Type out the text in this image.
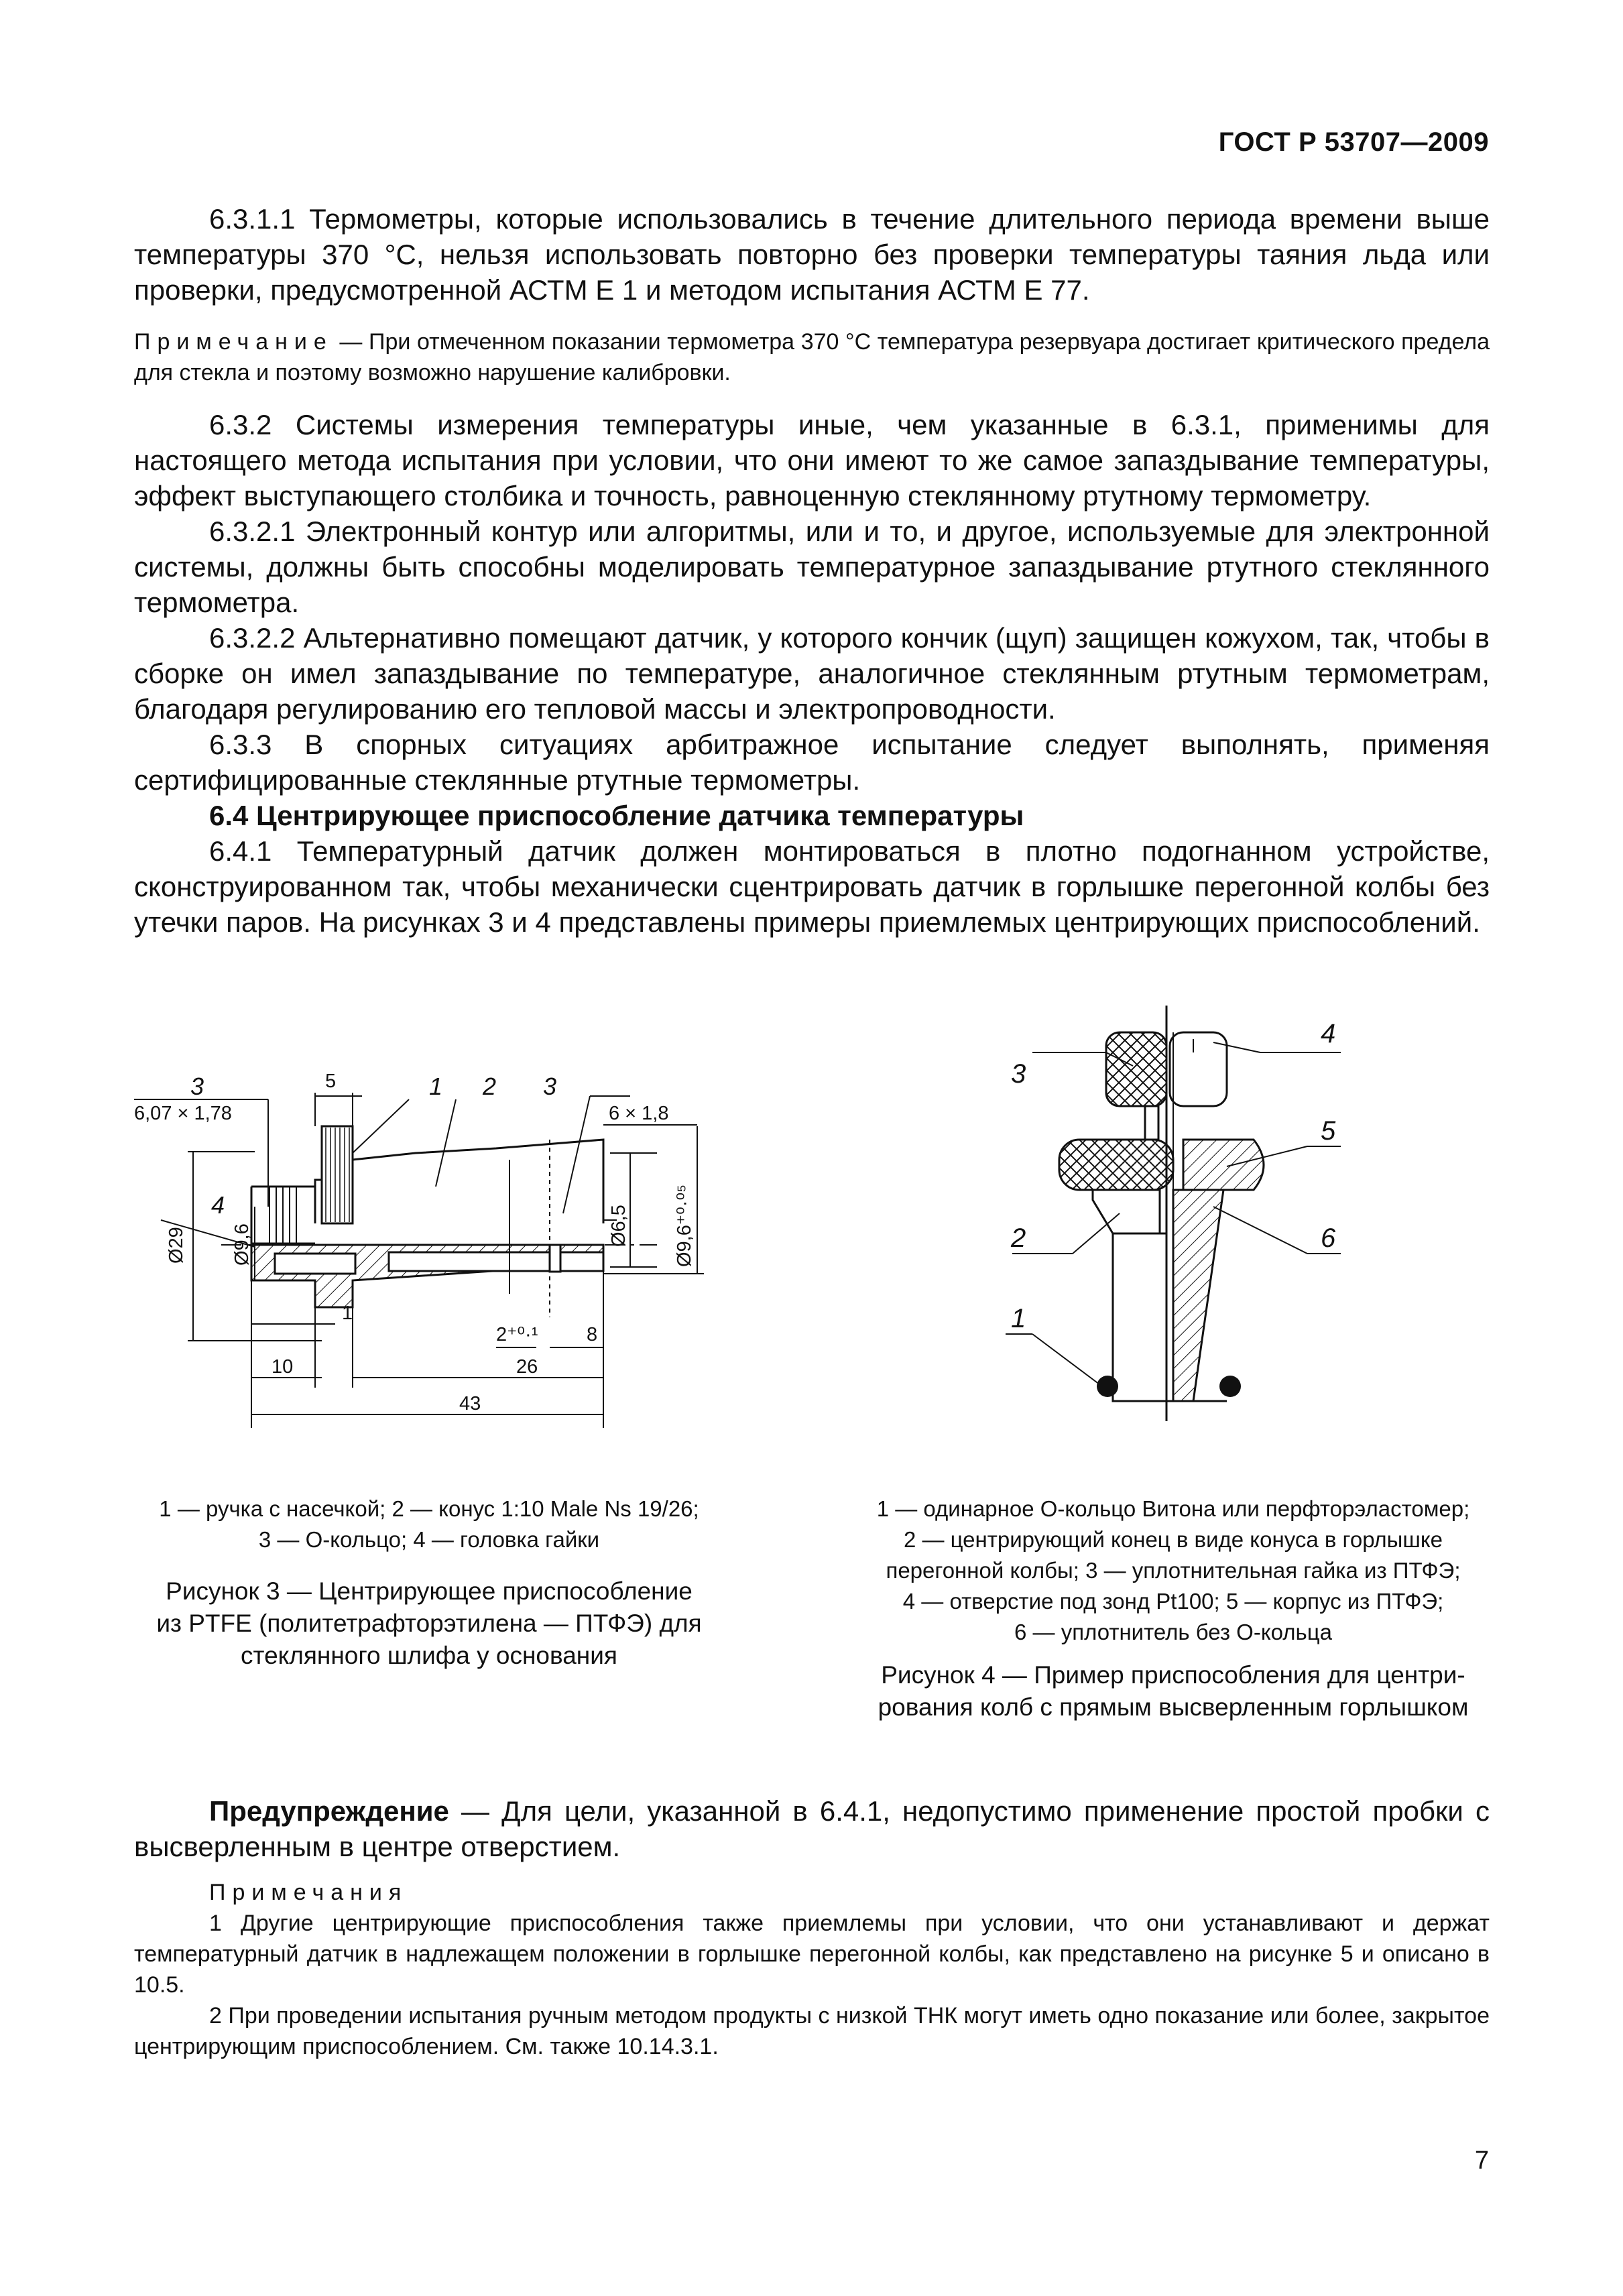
ГОСТ Р 53707—2009

6.3.1.1 Термометры, которые использовались в течение длительного периода времени выше температуры 370 °С, нельзя использовать повторно без проверки температуры таяния льда или проверки, предусмотренной АСТМ Е 1 и методом испытания АСТМ Е 77.

Примечание — При отмеченном показании термометра 370 °С температура резервуара достигает критического предела для стекла и поэтому возможно нарушение калибровки.

6.3.2 Системы измерения температуры иные, чем указанные в 6.3.1, применимы для настоящего метода испытания при условии, что они имеют то же самое запаздывание температуры, эффект выступающего столбика и точность, равноценную стеклянному ртутному термометру.

6.3.2.1 Электронный контур или алгоритмы, или и то, и другое, используемые для электронной системы, должны быть способны моделировать температурное запаздывание ртутного стеклянного термометра.

6.3.2.2 Альтернативно помещают датчик, у которого кончик (щуп) защищен кожухом, так, чтобы в сборке он имел запаздывание по температуре, аналогичное стеклянным ртутным термометрам, благодаря регулированию его тепловой массы и электропроводности.

6.3.3 В спорных ситуациях арбитражное испытание следует выполнять, применяя сертифицированные стеклянные ртутные термометры.

6.4 Центрирующее приспособление датчика температуры

6.4.1 Температурный датчик должен монтироваться в плотно подогнанном устройстве, сконструированном так, чтобы механически сцентрировать датчик в горлышке перегонной колбы без утечки паров. На рисунках 3 и 4 представлены примеры приемлемых центрирующих приспособлений.

3	1 2 3
4
6,07 × 1,78	6 × 1,8
5
Ø29 Ø9,6	Ø6,5 Ø9,6⁺⁰·⁰⁵
1
2⁺⁰·¹	8
10	26
43
3
4
5
2	6
1
1 — ручка с насечкой; 2 — конус 1:10 Male Ns 19/26;
3 — О-кольцо; 4 — головка гайки
Рисунок 3 — Центрирующее приспособление
из PTFE (политетрафторэтилена — ПТФЭ) для
стеклянного шлифа у основания
1 — одинарное О-кольцо Витона или перфторэластомер;
2 — центрирующий конец в виде конуса в горлышке
перегонной колбы; 3 — уплотнительная гайка из ПТФЭ;
4 — отверстие под зонд Pt100; 5 — корпус из ПТФЭ;
6 — уплотнитель без О-кольца
Рисунок 4 — Пример приспособления для центри-
рования колб с прямым высверленным горлышком

Предупреждение — Для цели, указанной в 6.4.1, недопустимо применение простой пробки с высверленным в центре отверстием.

Примечания
1 Другие центрирующие приспособления также приемлемы при условии, что они устанавливают и держат температурный датчик в надлежащем положении в горлышке перегонной колбы, как представлено на рисунке 5 и описано в 10.5.
2 При проведении испытания ручным методом продукты с низкой ТНК могут иметь одно показание или более, закрытое центрирующим приспособлением. См. также 10.14.3.1.
7
